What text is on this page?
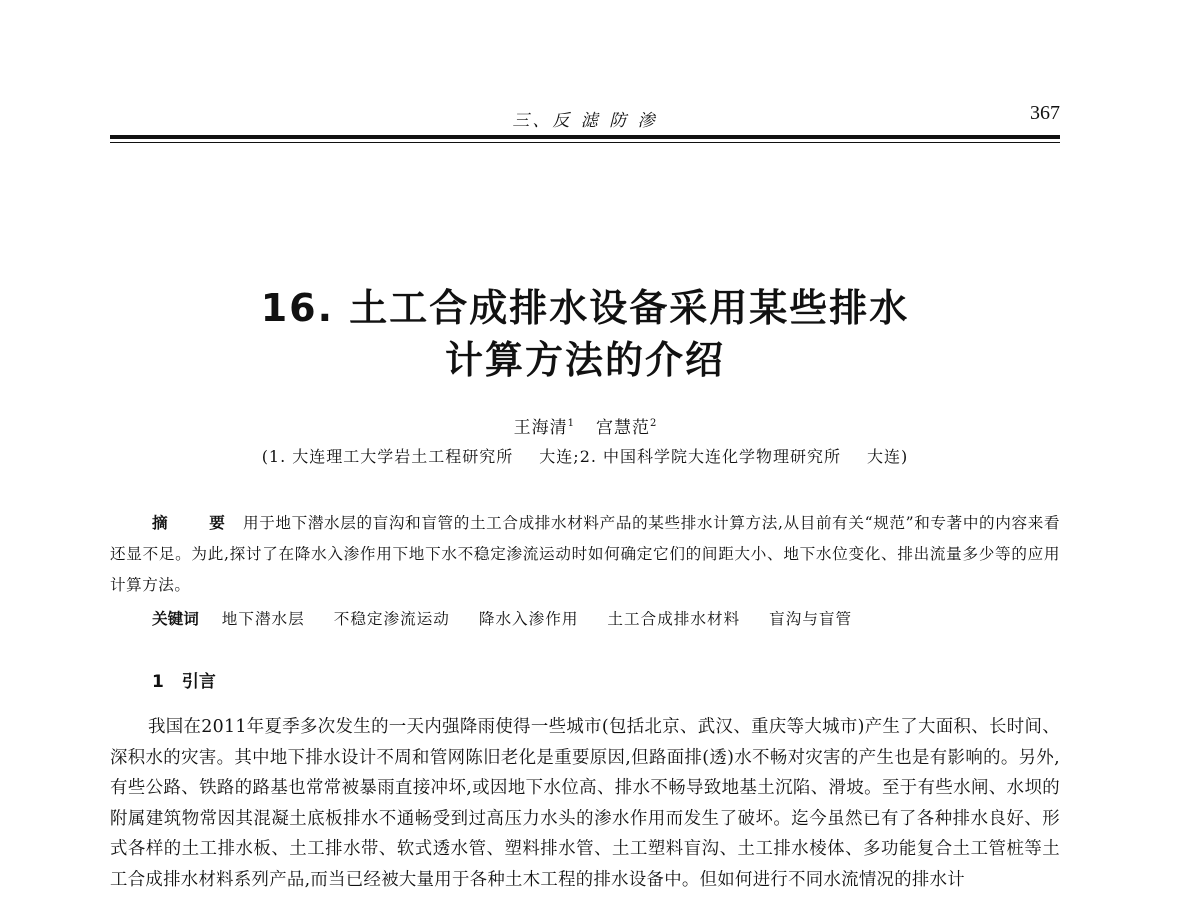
三、反 滤 防 渗	367
16. 土工合成排水设备采用某些排水
计算方法的介绍
王海清$^1$ 宫慧范$^2$
(1. 大连理工大学岩土工程研究所 大连;2. 中国科学院大连化学物理研究所 大连)
摘 要用于地下潜水层的盲沟和盲管的土工合成排水材料产品的某些排水计算方法,从目前有关“规范”和专著中的内容来看还显不足。为此,探讨了在降水入渗作用下地下水不稳定渗流运动时如何确定它们的间距大小、地下水位变化、排出流量多少等的应用计算方法。
关键词 地下潜水层 不稳定渗流运动 降水入渗作用 土工合成排水材料 盲沟与盲管
1 引言
我国在2011年夏季多次发生的一天内强降雨使得一些城市(包括北京、武汉、重庆等大城市)产生了大面积、长时间、深积水的灾害。其中地下排水设计不周和管网陈旧老化是重要原因,但路面排(透)水不畅对灾害的产生也是有影响的。另外,有些公路、铁路的路基也常常被暴雨直接冲坏,或因地下水位高、排水不畅导致地基土沉陷、滑坡。至于有些水闸、水坝的附属建筑物常因其混凝土底板排水不通畅受到过高压力水头的渗水作用而发生了破坏。迄今虽然已有了各种排水良好、形式各样的土工排水板、土工排水带、软式透水管、塑料排水管、土工塑料盲沟、土工排水棱体、多功能复合土工管桩等土工合成排水材料系列产品,而当已经被大量用于各种土木工程的排水设备中。但如何进行不同水流情况的排水计
